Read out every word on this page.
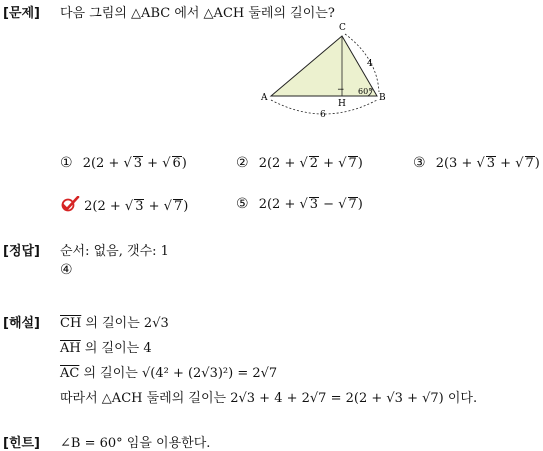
[문제] 다음 그림의 △ABC 에서 △ACH 둘레의 길이는?
C
A	B
H
4
60°
6
−
① 2(2 + √ 3 + √ 6)	② 2(2 + √ 2 + √ 7)	③ 2(3 + √ 3 + √ 7)
2(2 + √ 3 + √ 7)	⑤ 2(2 + √ 3 − √ 7)
[정답] 순서: 없음, 갯수: 1
④
[해설] $\overline{CH}$ 의 길이는 2√3
$\overline{AH}$ 의 길이는 4
$\overline{AC}$ 의 길이는 √(4² + (2√3)²) = 2√7
따라서 △ACH 둘레의 길이는 2√3 + 4 + 2√7 = 2(2 + √3 + √7) 이다.
[힌트] ∠B = 60° 임을 이용한다.
